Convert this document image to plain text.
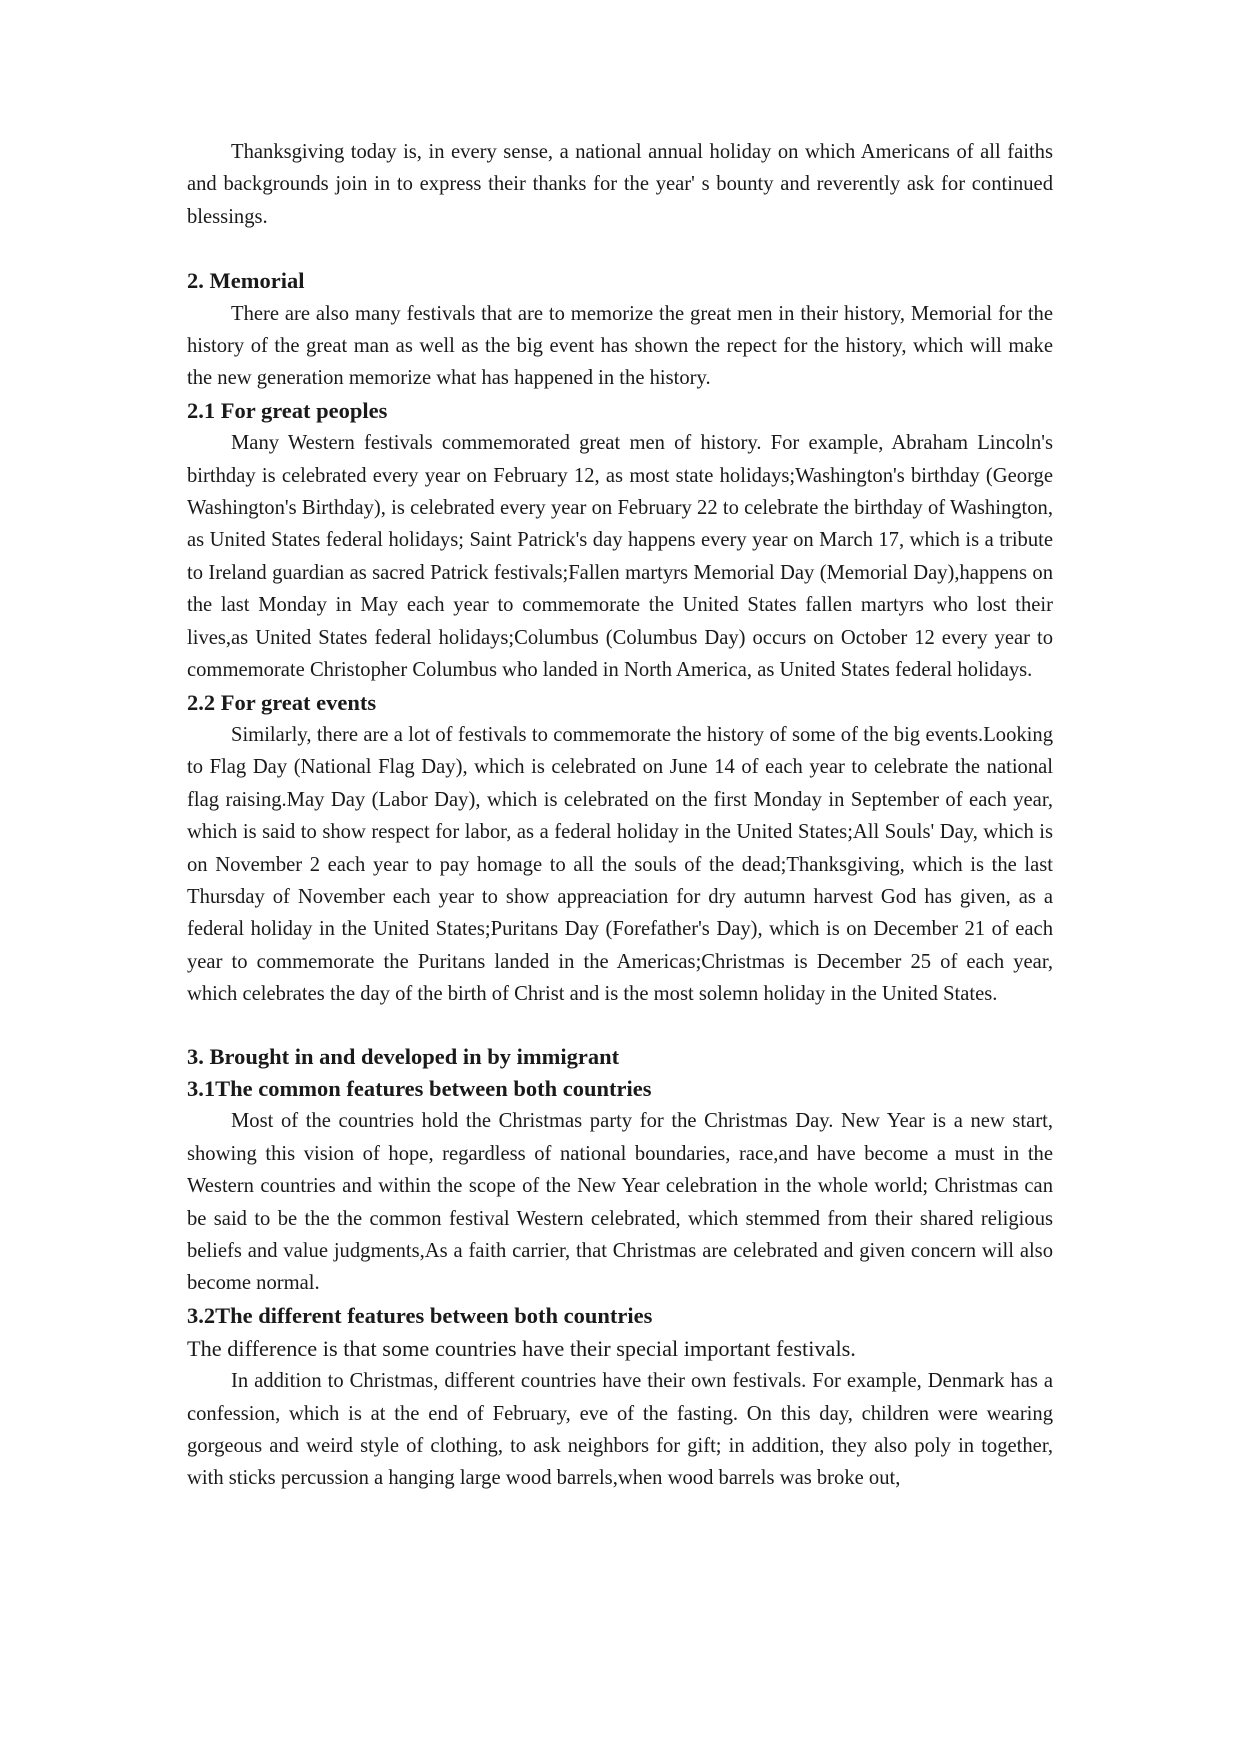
Thanksgiving today is, in every sense, a national annual holiday on which Americans of all faiths and backgrounds join in to express their thanks for the year' s bounty and reverently ask for continued blessings.

2. Memorial

There are also many festivals that are to memorize the great men in their history, Memorial for the history of the great man as well as the big event has shown the repect for the history, which will make the new generation memorize what has happened in the history.

2.1 For great peoples

Many Western festivals commemorated great men of history. For example, Abraham Lincoln's birthday is celebrated every year on February 12, as most state holidays;Washington's birthday (George Washington's Birthday), is celebrated every year on February 22 to celebrate the birthday of Washington, as United States federal holidays; Saint Patrick's day happens every year on March 17, which is a tribute to Ireland guardian as sacred Patrick festivals;Fallen martyrs Memorial Day (Memorial Day),happens on the last Monday in May each year to commemorate the United States fallen martyrs who lost their lives,as United States federal holidays;Columbus (Columbus Day) occurs on October 12 every year to commemorate Christopher Columbus who landed in North America, as United States federal holidays.

2.2 For great events

Similarly, there are a lot of festivals to commemorate the history of some of the big events.Looking to Flag Day (National Flag Day), which is celebrated on June 14 of each year to celebrate the national flag raising.May Day (Labor Day), which is celebrated on the first Monday in September of each year, which is said to show respect for labor, as a federal holiday in the United States;All Souls' Day, which is on November 2 each year to pay homage to all the souls of the dead;Thanksgiving, which is the last Thursday of November each year to show appreaciation for dry autumn harvest God has given, as a federal holiday in the United States;Puritans Day (Forefather's Day), which is on December 21 of each year to commemorate the Puritans landed in the Americas;Christmas is December 25 of each year, which celebrates the day of the birth of Christ and is the most solemn holiday in the United States.

3. Brought in and developed in by immigrant
3.1The common features between both countries

Most of the countries hold the Christmas party for the Christmas Day. New Year is a new start, showing this vision of hope, regardless of national boundaries, race,and have become a must in the Western countries and within the scope of the New Year celebration in the whole world; Christmas can be said to be the the common festival Western celebrated, which stemmed from their shared religious beliefs and value judgments,As a faith carrier, that Christmas are celebrated and given concern will also become normal.

3.2The different features between both countries

The difference is that some countries have their special important festivals.

In addition to Christmas, different countries have their own festivals. For example, Denmark has a confession, which is at the end of February, eve of the fasting. On this day, children were wearing gorgeous and weird style of clothing, to ask neighbors for gift; in addition, they also poly in together, with sticks percussion a hanging large wood barrels,when wood barrels was broke out,
